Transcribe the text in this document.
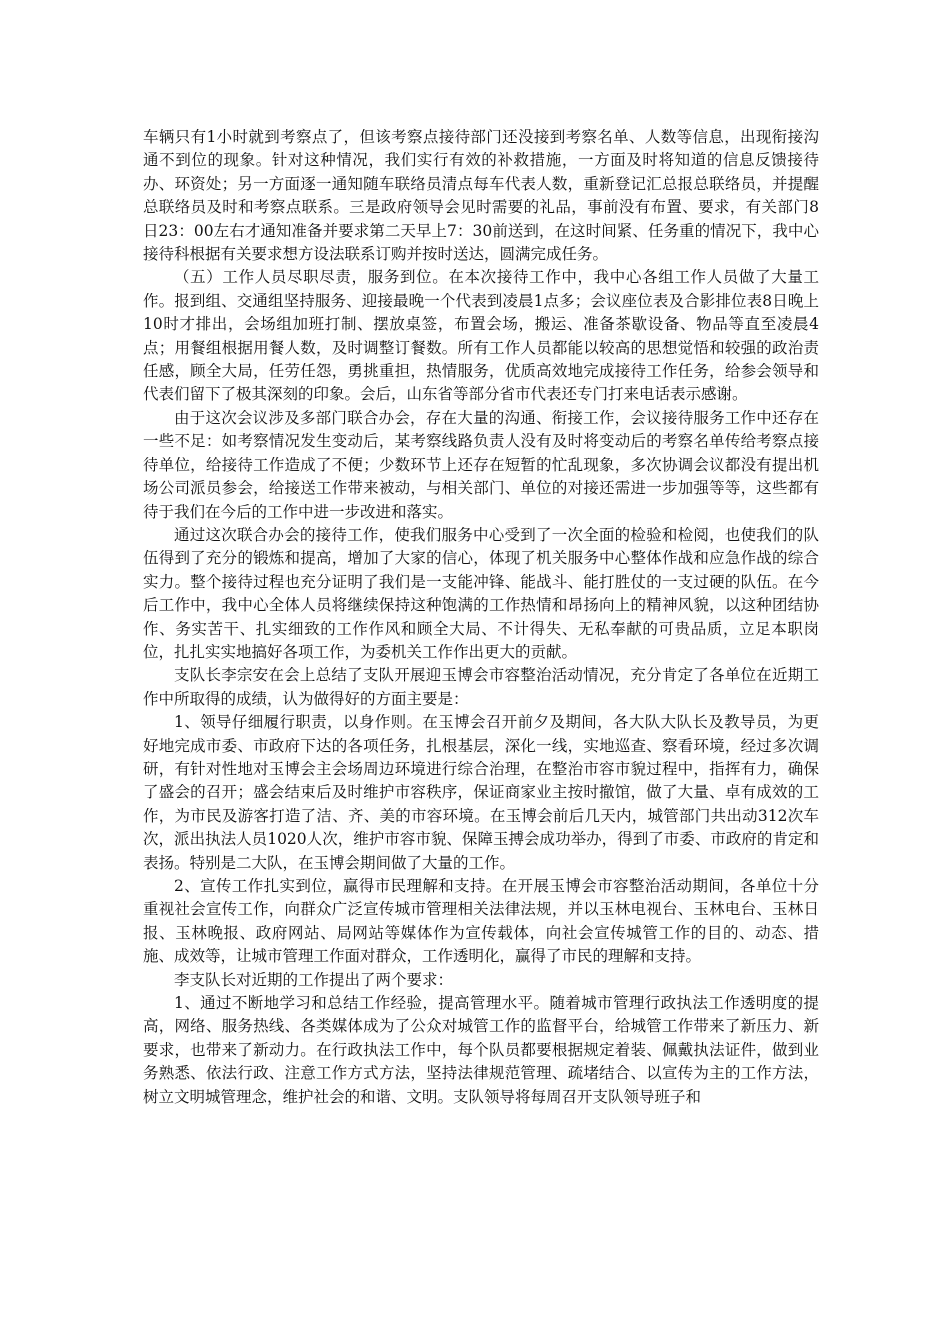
车辆只有1小时就到考察点了，但该考察点接待部门还没接到考察名单、人数等信息，出现衔接沟通不到位的现象。针对这种情况，我们实行有效的补救措施，一方面及时将知道的信息反馈接待办、环资处；另一方面逐一通知随车联络员清点每车代表人数，重新登记汇总报总联络员，并提醒总联络员及时和考察点联系。三是政府领导会见时需要的礼品，事前没有布置、要求，有关部门8日23：00左右才通知准备并要求第二天早上7：30前送到，在这时间紧、任务重的情况下，我中心接待科根据有关要求想方设法联系订购并按时送达，圆满完成任务。

（五）工作人员尽职尽责，服务到位。在本次接待工作中，我中心各组工作人员做了大量工作。报到组、交通组坚持服务、迎接最晚一个代表到凌晨1点多；会议座位表及合影排位表8日晚上10时才排出，会场组加班打制、摆放桌签，布置会场，搬运、准备茶歇设备、物品等直至凌晨4点；用餐组根据用餐人数，及时调整订餐数。所有工作人员都能以较高的思想觉悟和较强的政治责任感，顾全大局，任劳任怨，勇挑重担，热情服务，优质高效地完成接待工作任务，给参会领导和代表们留下了极其深刻的印象。会后，山东省等部分省市代表还专门打来电话表示感谢。

由于这次会议涉及多部门联合办会，存在大量的沟通、衔接工作，会议接待服务工作中还存在一些不足：如考察情况发生变动后，某考察线路负责人没有及时将变动后的考察名单传给考察点接待单位，给接待工作造成了不便；少数环节上还存在短暂的忙乱现象，多次协调会议都没有提出机场公司派员参会，给接送工作带来被动，与相关部门、单位的对接还需进一步加强等等，这些都有待于我们在今后的工作中进一步改进和落实。

通过这次联合办会的接待工作，使我们服务中心受到了一次全面的检验和检阅，也使我们的队伍得到了充分的锻炼和提高，增加了大家的信心，体现了机关服务中心整体作战和应急作战的综合实力。整个接待过程也充分证明了我们是一支能冲锋、能战斗、能打胜仗的一支过硬的队伍。在今后工作中，我中心全体人员将继续保持这种饱满的工作热情和昂扬向上的精神风貌，以这种团结协作、务实苦干、扎实细致的工作作风和顾全大局、不计得失、无私奉献的可贵品质，立足本职岗位，扎扎实实地搞好各项工作，为委机关工作作出更大的贡献。

支队长李宗安在会上总结了支队开展迎玉博会市容整治活动情况，充分肯定了各单位在近期工作中所取得的成绩，认为做得好的方面主要是：

1、领导仔细履行职责，以身作则。在玉博会召开前夕及期间，各大队大队长及教导员，为更好地完成市委、市政府下达的各项任务，扎根基层，深化一线，实地巡查、察看环境，经过多次调研，有针对性地对玉博会主会场周边环境进行综合治理，在整治市容市貌过程中，指挥有力，确保了盛会的召开；盛会结束后及时维护市容秩序，保证商家业主按时撤馆，做了大量、卓有成效的工作，为市民及游客打造了洁、齐、美的市容环境。在玉博会前后几天内，城管部门共出动312次车次，派出执法人员1020人次，维护市容市貌、保障玉搏会成功举办，得到了市委、市政府的肯定和表扬。特别是二大队，在玉博会期间做了大量的工作。

2、宣传工作扎实到位，赢得市民理解和支持。在开展玉博会市容整治活动期间，各单位十分重视社会宣传工作，向群众广泛宣传城市管理相关法律法规，并以玉林电视台、玉林电台、玉林日报、玉林晚报、政府网站、局网站等媒体作为宣传载体，向社会宣传城管工作的目的、动态、措施、成效等，让城市管理工作面对群众，工作透明化，赢得了市民的理解和支持。

李支队长对近期的工作提出了两个要求：

1、通过不断地学习和总结工作经验，提高管理水平。随着城市管理行政执法工作透明度的提高，网络、服务热线、各类媒体成为了公众对城管工作的监督平台，给城管工作带来了新压力、新要求，也带来了新动力。在行政执法工作中，每个队员都要根据规定着装、佩戴执法证件，做到业务熟悉、依法行政、注意工作方式方法，坚持法律规范管理、疏堵结合、以宣传为主的工作方法，树立文明城管理念，维护社会的和谐、文明。支队领导将每周召开支队领导班子和
